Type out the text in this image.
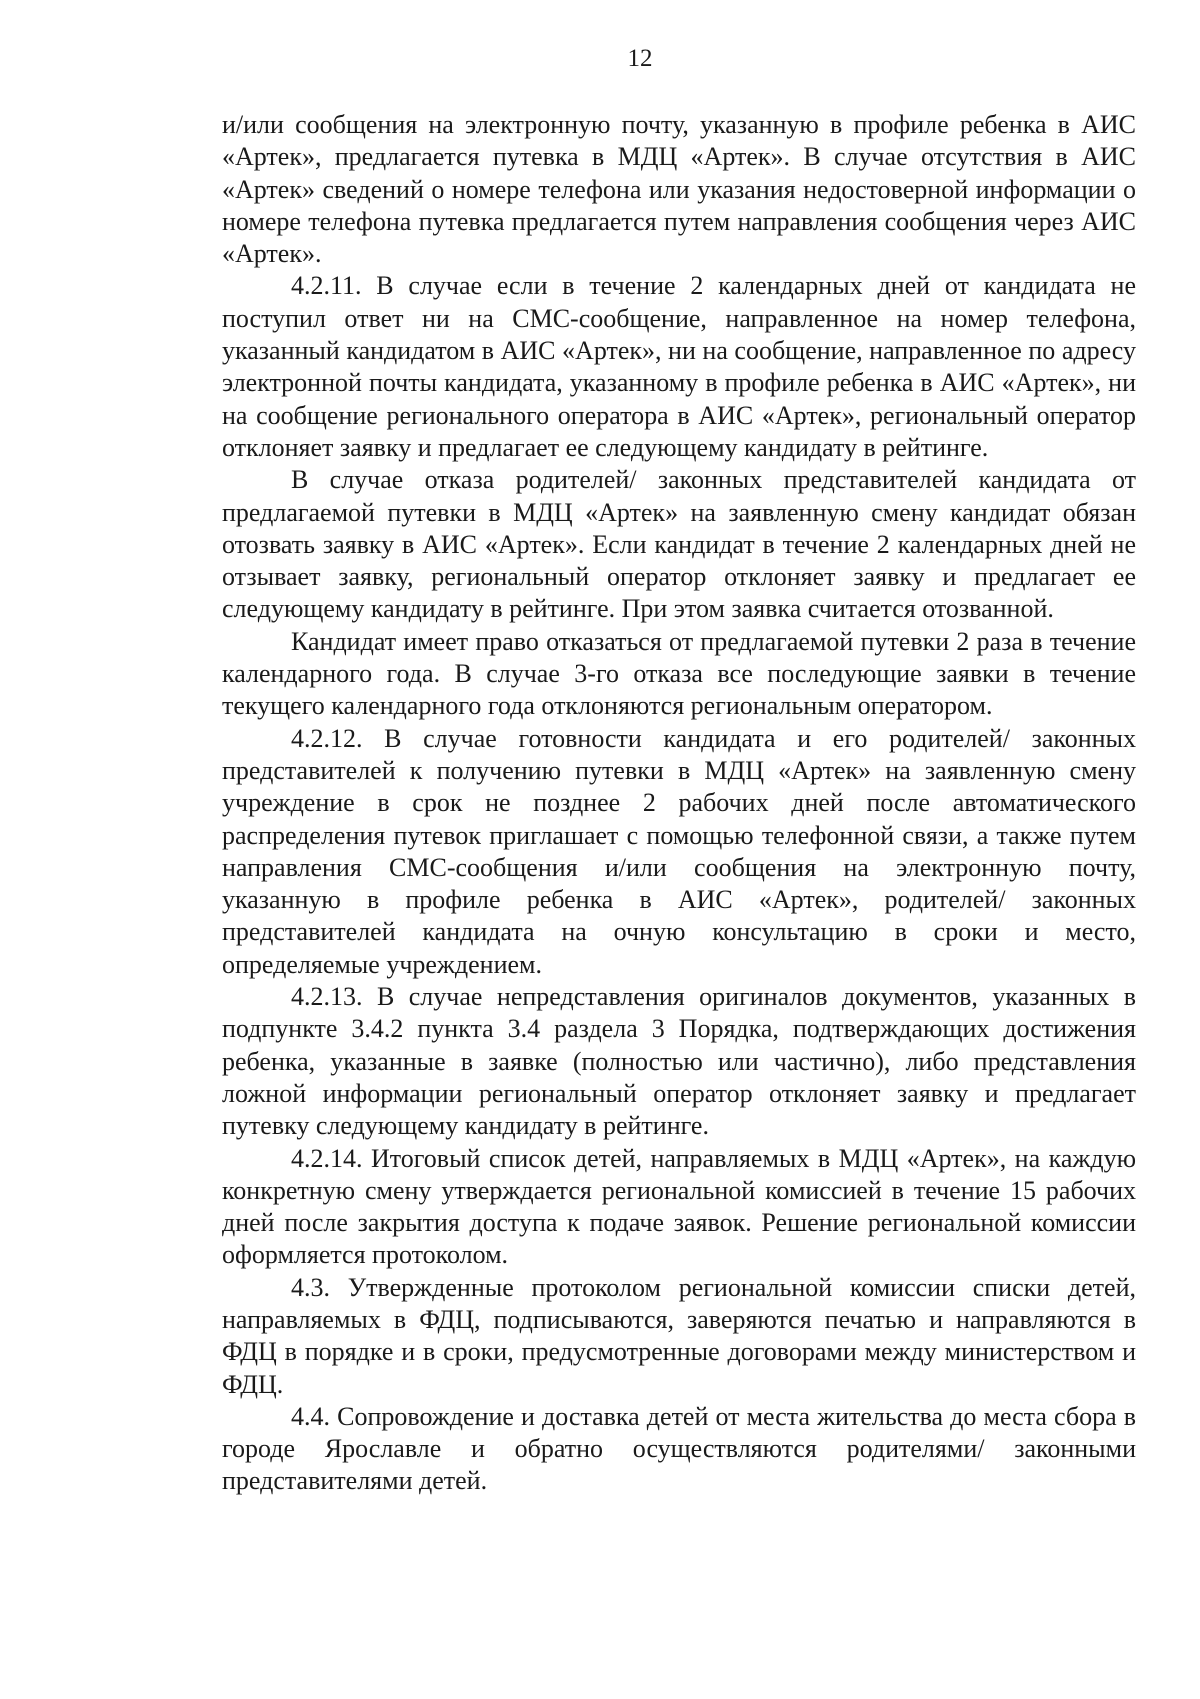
12

и/или сообщения на электронную почту, указанную в профиле ребенка в АИС «Артек», предлагается путевка в МДЦ «Артек». В случае отсутствия в АИС «Артек» сведений о номере телефона или указания недостоверной информации о номере телефона путевка предлагается путем направления сообщения через АИС «Артек».

4.2.11. В случае если в течение 2 календарных дней от кандидата не поступил ответ ни на СМС-сообщение, направленное на номер телефона, указанный кандидатом в АИС «Артек», ни на сообщение, направленное по адресу электронной почты кандидата, указанному в профиле ребенка в АИС «Артек», ни на сообщение регионального оператора в АИС «Артек», региональный оператор отклоняет заявку и предлагает ее следующему кандидату в рейтинге.

В случае отказа родителей/ законных представителей кандидата от предлагаемой путевки в МДЦ «Артек» на заявленную смену кандидат обязан отозвать заявку в АИС «Артек». Если кандидат в течение 2 календарных дней не отзывает заявку, региональный оператор отклоняет заявку и предлагает ее следующему кандидату в рейтинге. При этом заявка считается отозванной.

Кандидат имеет право отказаться от предлагаемой путевки 2 раза в течение календарного года. В случае 3-го отказа все последующие заявки в течение текущего календарного года отклоняются региональным оператором.

4.2.12. В случае готовности кандидата и его родителей/ законных представителей к получению путевки в МДЦ «Артек» на заявленную смену учреждение в срок не позднее 2 рабочих дней после автоматического распределения путевок приглашает с помощью телефонной связи, а также путем направления СМС-сообщения и/или сообщения на электронную почту, указанную в профиле ребенка в АИС «Артек», родителей/ законных представителей кандидата на очную консультацию в сроки и место, определяемые учреждением.

4.2.13. В случае непредставления оригиналов документов, указанных в подпункте 3.4.2 пункта 3.4 раздела 3 Порядка, подтверждающих достижения ребенка, указанные в заявке (полностью или частично), либо представления ложной информации региональный оператор отклоняет заявку и предлагает путевку следующему кандидату в рейтинге.

4.2.14. Итоговый список детей, направляемых в МДЦ «Артек», на каждую конкретную смену утверждается региональной комиссией в течение 15 рабочих дней после закрытия доступа к подаче заявок. Решение региональной комиссии оформляется протоколом.

4.3. Утвержденные протоколом региональной комиссии списки детей, направляемых в ФДЦ, подписываются, заверяются печатью и направляются в ФДЦ в порядке и в сроки, предусмотренные договорами между министерством и ФДЦ.

4.4. Сопровождение и доставка детей от места жительства до места сбора в городе Ярославле и обратно осуществляются родителями/ законными представителями детей.
